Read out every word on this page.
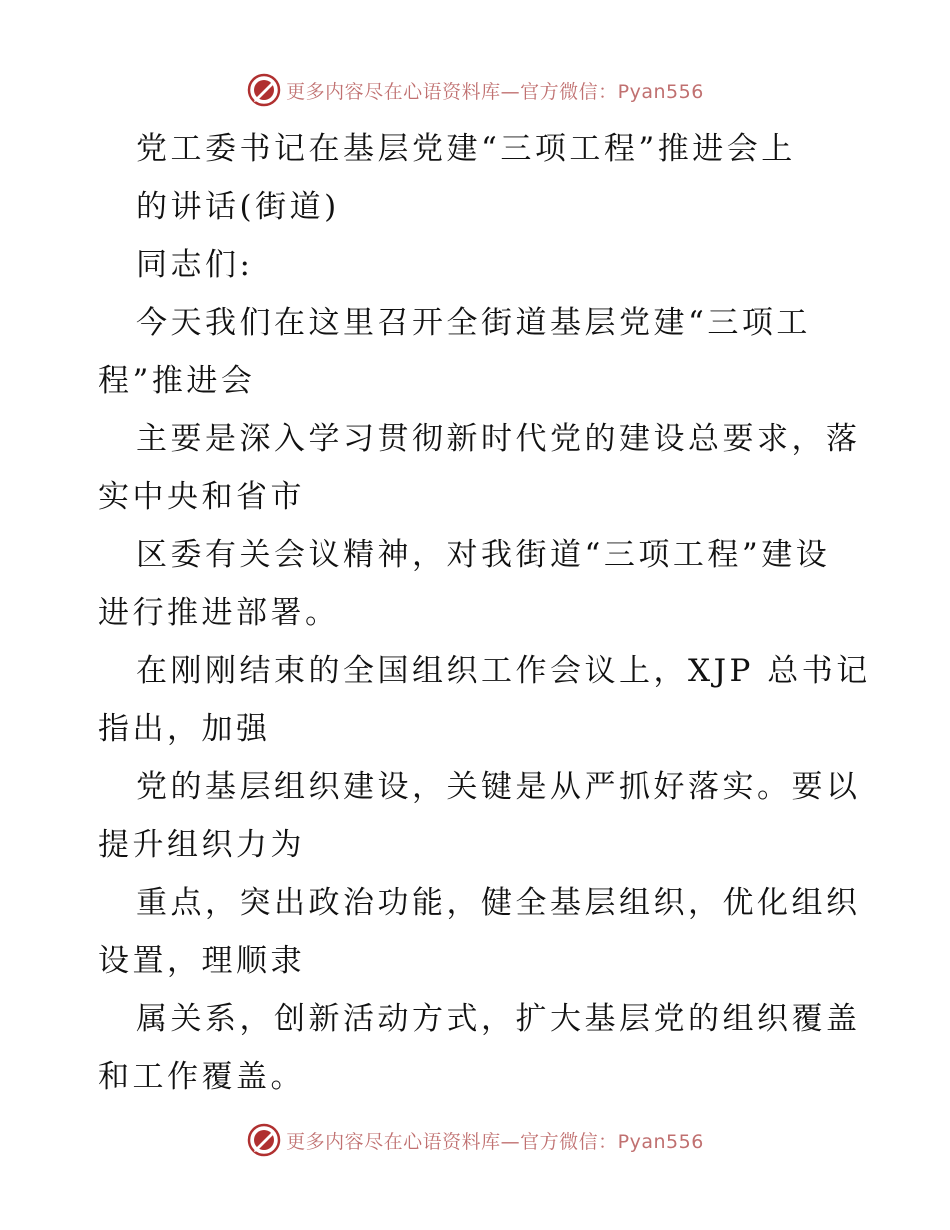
更多内容尽在心语资料库—官方微信：Pyan556
党工委书记在基层党建“三项工程”推进会上
的讲话(街道)
同志们:
今天我们在这里召开全街道基层党建“三项工
程”推进会
主要是深入学习贯彻新时代党的建设总要求，落
实中央和省市
区委有关会议精神，对我街道“三项工程”建设
进行推进部署。
在刚刚结束的全国组织工作会议上，XJP 总书记
指出，加强
党的基层组织建设，关键是从严抓好落实。要以
提升组织力为
重点，突出政治功能，健全基层组织，优化组织
设置，理顺隶
属关系，创新活动方式，扩大基层党的组织覆盖
和工作覆盖。
更多内容尽在心语资料库—官方微信：Pyan556
